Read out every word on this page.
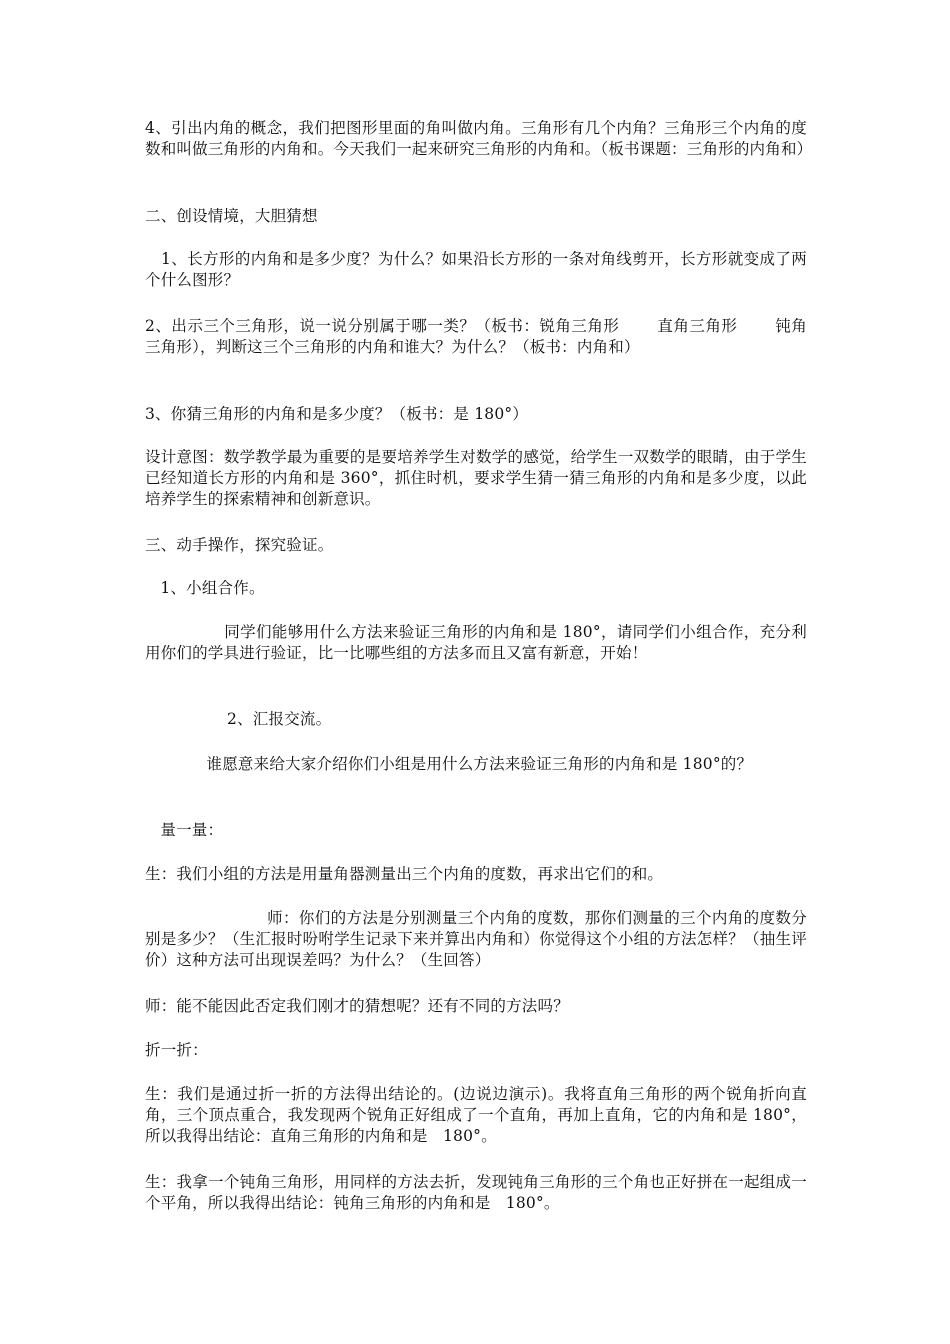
4、引出内角的概念，我们把图形里面的角叫做内角。三角形有几个内角？三角形三个内角的度数和叫做三角形的内角和。今天我们一起来研究三角形的内角和。（板书课题：三角形的内角和）

二、创设情境，大胆猜想

1、长方形的内角和是多少度？为什么？如果沿长方形的一条对角线剪开，长方形就变成了两个什么图形？

2、出示三个三角形，说一说分别属于哪一类？（板书：锐角三角形       直角三角形       钝角三角形），判断这三个三角形的内角和谁大？为什么？（板书：内角和）

3、你猜三角形的内角和是多少度？（板书：是 180°）

设计意图：数学教学最为重要的是要培养学生对数学的感觉，给学生一双数学的眼睛，由于学生已经知道长方形的内角和是 360°，抓住时机，要求学生猜一猜三角形的内角和是多少度，以此培养学生的探索精神和创新意识。

三、动手操作，探究验证。

1、小组合作。

同学们能够用什么方法来验证三角形的内角和是 180°，请同学们小组合作，充分利用你们的学具进行验证，比一比哪些组的方法多而且又富有新意，开始！

2、汇报交流。

谁愿意来给大家介绍你们小组是用什么方法来验证三角形的内角和是 180°的？

量一量：

生：我们小组的方法是用量角器测量出三个内角的度数，再求出它们的和。

师：你们的方法是分别测量三个内角的度数，那你们测量的三个内角的度数分别是多少？（生汇报时吩咐学生记录下来并算出内角和）你觉得这个小组的方法怎样？（抽生评价）这种方法可出现误差吗？为什么？（生回答）

师：能不能因此否定我们刚才的猜想呢？还有不同的方法吗？

折一折：

生：我们是通过折一折的方法得出结论的。(边说边演示)。我将直角三角形的两个锐角折向直角，三个顶点重合，我发现两个锐角正好组成了一个直角，再加上直角，它的内角和是 180°，所以我得出结论：直角三角形的内角和是   180°。

生：我拿一个钝角三角形，用同样的方法去折，发现钝角三角形的三个角也正好拼在一起组成一个平角，所以我得出结论：钝角三角形的内角和是   180°。
